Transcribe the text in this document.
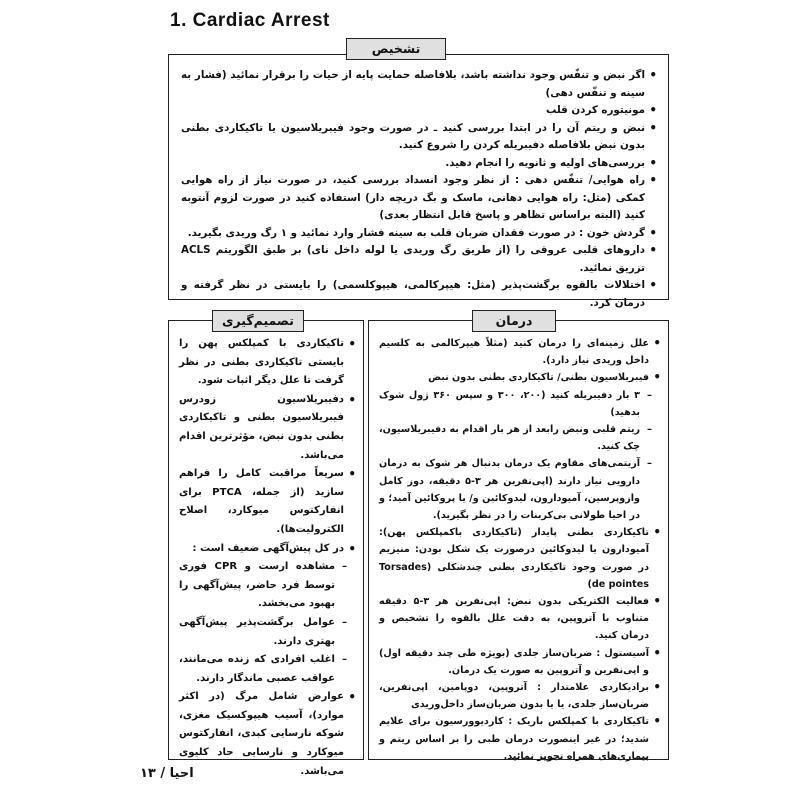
1. Cardiac Arrest
• اگر نبض و تنفّس وجود نداشته باشد، بلافاصله حمایت پایه از حیات را برقرار نمائید (فشار به سینه و تنفّس دهی)
• مونیتوره کردن قلب
• نبض و ریتم آن را در ابتدا بررسی کنید ـ در صورت وجود فیبریلاسیون یا تاکیکاردی بطنی بدون نبض بلافاصله دفیبریله کردن را شروع کنید.
• بررسی‌های اولیه و ثانویه را انجام دهید.
• راه هوایی/ تنفّس دهی : از نظر وجود انسداد بررسی کنید، در صورت نیاز از راه هوایی کمکی (مثل: راه هوایی دهانی، ماسک و بگ دریچه دار) استفاده کنید در صورت لزوم آنتوبه کنید (البته براساس تظاهر و پاسخ قابل انتظار بعدی)
• گردش خون : در صورت فقدان ضربان قلب به سینه فشار وارد نمائید و ۱ رگ وریدی بگیرید.
• داروهای قلبی عروقی را (از طریق رگ وریدی یا لوله داخل نای) بر طبق الگوریتم ACLS تزریق نمائید.
• اختلالات بالقوه برگشت‌پذیر (مثل: هیپرکالمی، هیپوکلسمی) را بایستی در نظر گرفته و درمان کرد.
تشخیص
• تاکیکاردی با کمپلکس پهن را بایستی تاکیکاردی بطنی در نظر گرفت تا علل دیگر اثبات شود.
• دفیبریلاسیون زودرس فیبریلاسیون بطنی و تاکیکاردی بطنی بدون نبض، مؤثرترین اقدام می‌باشد.
• سریعاً مراقبت کامل را فراهم سازید (از جمله، PTCA برای انفارکتوس میوکارد، اصلاح الکترولیت‌ها).
• در کل پیش‌آگهی ضعیف است :
– مشاهده ارست و CPR فوری توسط فرد حاضر، پیش‌آگهی را بهبود می‌بخشد.
– عوامل برگشت‌پذیر پیش‌آگهی بهتری دارند.
– اغلب افرادی که زنده می‌مانند، عواقب عصبی ماندگار دارند.
• عوارض شامل مرگ (در اکثر موارد)، آسیب هیپوکسیک مغزی، شوکه نارسایی کبدی، انفارکتوس میوکارد و نارسایی حاد کلیوی می‌باشد.
تصمیم‌گیری
• علل زمینه‌ای را درمان کنید (مثلاً هیپرکالمی به کلسیم داخل وریدی نیاز دارد).
• فیبریلاسیون بطنی/ تاکیکاردی بطنی بدون نبض
– ۳ بار دفیبریله کنید (۲۰۰، ۳۰۰ و سپس ۳۶۰ ژول شوک بدهید)
– ریتم قلبی ونبض رابعد از هر بار اقدام به دفیبریلاسیون، چک کنید.
– آریتمی‌های مقاوم یک درمان بدنبال هر شوک به درمان دارویی نیاز دارند (اپی‌نفرین هر ۳-۵ دقیقه، دوز کامل وازوپرسین، آمیودارون، لیدوکائین و/ یا پروکائین آمید؛ و در احیا طولانی بی‌کربنات را در نظر بگیرید).
• تاکیکاردی بطنی پایدار (تاکیکاردی باکمپلکس پهن): آمیودارون یا لیدوکائین درصورت یک شکل بودن: منیزیم در صورت وجود تاکیکاردی بطنی چندشکلی (Torsades de pointes)
• فعالیت الکتریکی بدون نبض: اپی‌نفرین هر ۳-۵ دقیقه متناوب با آتروپین، به دقت علل بالقوه را تشخیص و درمان کنید.
• آسیستول : ضربان‌ساز جلدی (بویژه طی چند دقیقه اول) و اپی‌نفرین و آتروپین به صورت یک درمان.
• برادیکاردی علامتدار : آتروپین، دوپامین، اپی‌نفرین، ضربان‌ساز جلدی، یا یا بدون ضربان‌ساز داخل‌وریدی
• تاکیکاردی با کمپلکس باریک : کاردیوورسیون برای علایم شدید؛ در غیر اینصورت درمان طبی را بر اساس ریتم و بیماری‌های همراه تجویز نمائید.
درمان
احیا / ۱۳
